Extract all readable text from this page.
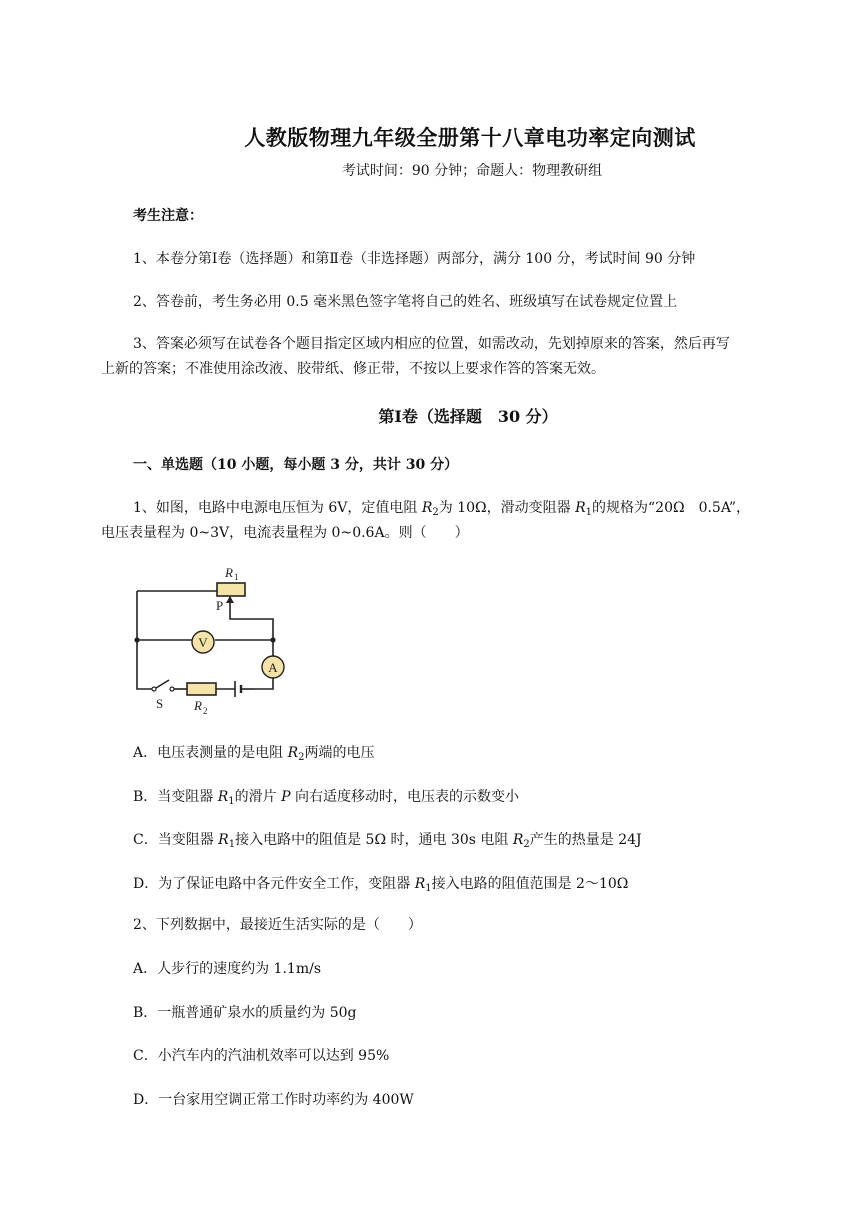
人教版物理九年级全册第十八章电功率定向测试
考试时间：90 分钟；命题人：物理教研组
考生注意：
1、本卷分第Ⅰ卷（选择题）和第Ⅱ卷（非选择题）两部分，满分 100 分，考试时间 90 分钟
2、答卷前，考生务必用 0.5 毫米黑色签字笔将自己的姓名、班级填写在试卷规定位置上
3、答案必须写在试卷各个题目指定区域内相应的位置，如需改动，先划掉原来的答案，然后再写
上新的答案；不准使用涂改液、胶带纸、修正带，不按以上要求作答的答案无效。
第Ⅰ卷（选择题　30 分）
一、单选题（10 小题，每小题 3 分，共计 30 分）
1、如图，电路中电源电压恒为 6V，定值电阻 $R_2$为 10Ω，滑动变阻器 $R_1$的规格为“20Ω　0.5A”，
电压表量程为 0~3V，电流表量程为 0~0.6A。则（　　）
V
A
R 1
P
S R 2
A．电压表测量的是电阻 $R_2$两端的电压
B．当变阻器 $R_1$的滑片 P 向右适度移动时，电压表的示数变小
C．当变阻器 $R_1$接入电路中的阻值是 5Ω 时，通电 30s 电阻 $R_2$产生的热量是 24J
D．为了保证电路中各元件安全工作，变阻器 $R_1$接入电路的阻值范围是 2～10Ω
2、下列数据中，最接近生活实际的是（　　）
A．人步行的速度约为 1.1m/s
B．一瓶普通矿泉水的质量约为 50g
C．小汽车内的汽油机效率可以达到 95%
D．一台家用空调正常工作时功率约为 400W
